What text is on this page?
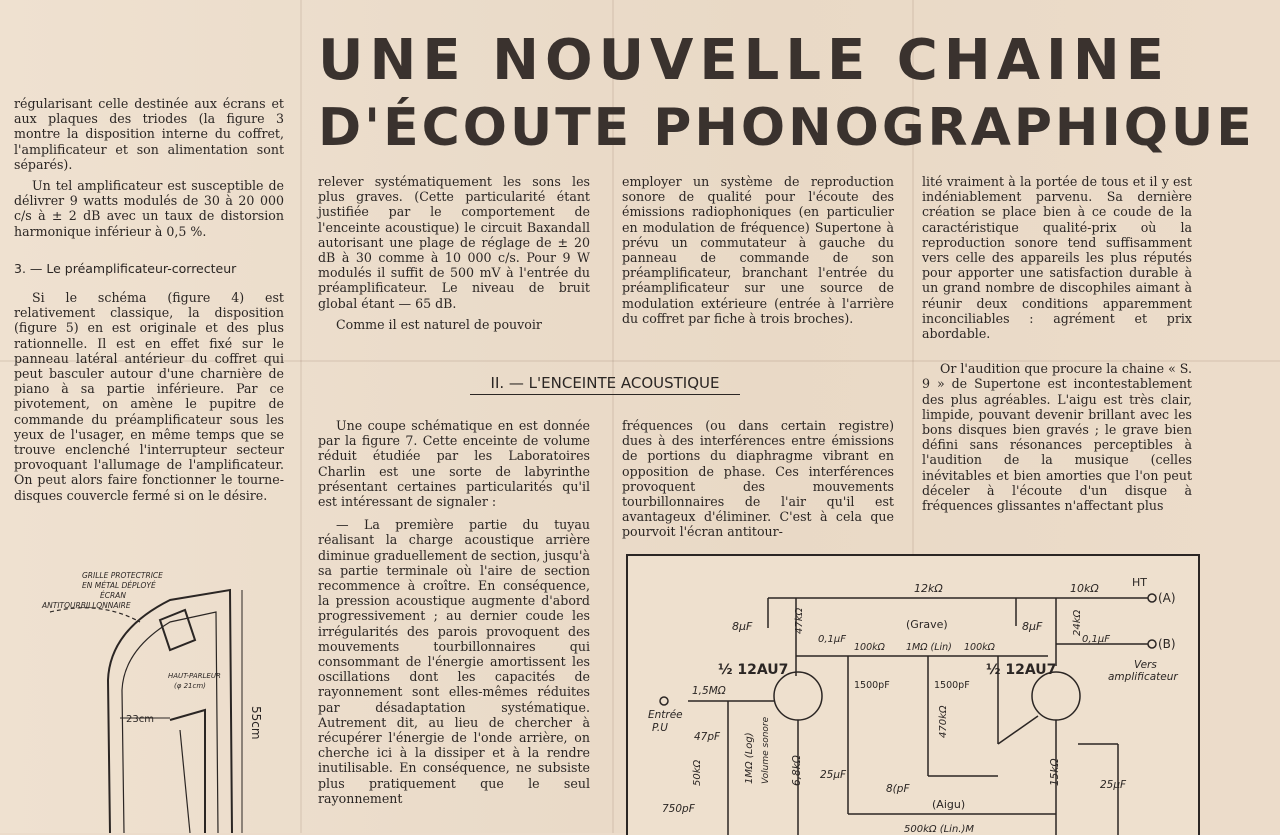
UNE NOUVELLE CHAINE
D'ÉCOUTE PHONOGRAPHIQUE

régularisant celle destinée aux écrans et aux plaques des triodes (la figure 3 montre la disposition interne du coffret, l'amplificateur et son alimentation sont séparés).

Un tel amplificateur est susceptible de délivrer 9 watts modulés de 30 à 20 000 c/s à ± 2 dB avec un taux de distorsion harmonique inférieur à 0,5 %.

3. — Le préamplificateur-correcteur

Si le schéma (figure 4) est relativement classique, la disposition (figure 5) en est originale et des plus rationnelle. Il est en effet fixé sur le panneau latéral antérieur du coffret qui peut basculer autour d'une charnière de piano à sa partie inférieure. Par ce pivotement, on amène le pupitre de commande du préamplificateur sous les yeux de l'usager, en même temps que se trouve enclenché l'interrupteur secteur provoquant l'allumage de l'amplificateur. On peut alors faire fonctionner le tourne-disques couvercle fermé si on le désire.

relever systématiquement les sons les plus graves. (Cette particularité étant justifiée par le comportement de l'enceinte acoustique) le circuit Baxandall autorisant une plage de réglage de ± 20 dB à 30 comme à 10 000 c/s. Pour 9 W modulés il suffit de 500 mV à l'entrée du préamplificateur. Le niveau de bruit global étant — 65 dB.

Comme il est naturel de pouvoir

employer un système de reproduction sonore de qualité pour l'écoute des émissions radiophoniques (en particulier en modulation de fréquence) Supertone à prévu un commutateur à gauche du panneau de commande de son préamplificateur, branchant l'entrée du préamplificateur sur une source de modulation extérieure (entrée à l'arrière du coffret par fiche à trois broches).

lité vraiment à la portée de tous et il y est indéniablement parvenu. Sa dernière création se place bien à ce coude de la caractéristique qualité-prix où la reproduction sonore tend suffisamment vers celle des appareils les plus réputés pour apporter une satisfaction durable à un grand nombre de discophiles aimant à réunir deux conditions apparemment inconciliables : agrément et prix abordable.

Or l'audition que procure la chaine « S. 9 » de Supertone est incontestablement des plus agréables. L'aigu est très clair, limpide, pouvant devenir brillant avec les bons disques bien gravés ; le grave bien défini sans résonances perceptibles à l'audition de la musique (celles inévitables et bien amorties que l'on peut déceler à l'écoute d'un disque à fréquences glissantes n'affectant plus

II. — L'ENCEINTE ACOUSTIQUE

Une coupe schématique en est donnée par la figure 7. Cette enceinte de volume réduit étudiée par les Laboratoires Charlin est une sorte de labyrinthe présentant certaines particularités qu'il est intéressant de signaler :

— La première partie du tuyau réalisant la charge acoustique arrière diminue graduellement de section, jusqu'à sa partie terminale où l'aire de section recommence à croître. En conséquence, la pression acoustique augmente d'abord progressivement ; au dernier coude les irrégularités des parois provoquent des mouvements tourbillonnaires qui consommant de l'énergie amortissent les oscillations dont les capacités de rayonnement sont elles-mêmes réduites par désadaptation systématique. Autrement dit, au lieu de chercher à récupérer l'énergie de l'onde arrière, on cherche ici à la dissiper et à la rendre inutilisable. En conséquence, ne subsiste plus pratiquement que le seul rayonnement

fréquences (ou dans certain registre) dues à des interférences entre émissions de portions du diaphragme vibrant en opposition de phase. Ces interférences provoquent des mouvements tourbillonnaires de l'air qu'il est avantageux d'éliminer. C'est à cela que pourvoit l'écran antitour-

GRILLE PROTECTRICE
EN MÉTAL DÉPLOYÉ
ÉCRAN
ANTITOURBILLONNAIRE
HAUT-PARLEUR
(φ 21cm)
23cm	55cm
12kΩ	10kΩ	HT
(A)
(B)
8µF	47kΩ
0,1µF
(Grave)
100kΩ 1MΩ (Lin) 100kΩ
8µF	24kΩ
0,1µF
½ 12AU7	½ 12AU7
1500pF	1500pF
Vers
amplificateur
Entrée
P.U
1,5MΩ
47pF	470kΩ
50kΩ	1MΩ (Log) Volume sonore
750pF
6,8kΩ 25µF
8(pF
(Aigu)
500kΩ (Lin.)M
15kΩ	25µF
